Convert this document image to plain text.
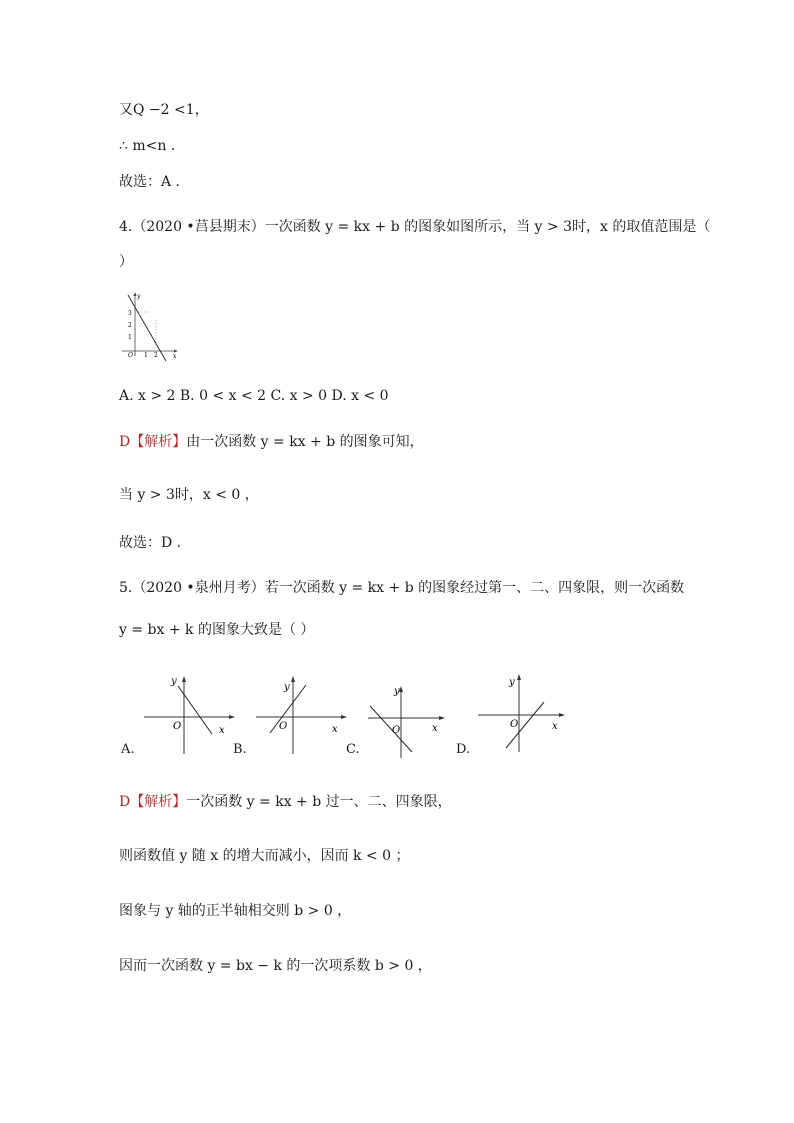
又Q −2 <1，
∴ m<n .
故选：A .
4.（2020 •莒县期末）一次函数 y = kx + b 的图象如图所示，当 y > 3时，x 的取值范围是（
）
y
x
O
3
2
1
1 2
A. x > 2 B. 0 < x < 2 C. x > 0 D. x < 0
D【解析】由一次函数 y = kx + b 的图象可知，
当 y > 3时，x < 0 ，
故选：D .
5.（2020 •泉州月考）若一次函数 y = kx + b 的图象经过第一、二、四象限，则一次函数
y = bx + k 的图象大致是（ ）
y
x
O
A.
y
x
O
B.
y
x
O
C.
y
x
O
D.
D【解析】一次函数 y = kx + b 过一、二、四象限，
则函数值 y 随 x 的增大而减小，因而 k < 0 ；
图象与 y 轴的正半轴相交则 b > 0 ，
因而一次函数 y = bx − k 的一次项系数 b > 0 ，
